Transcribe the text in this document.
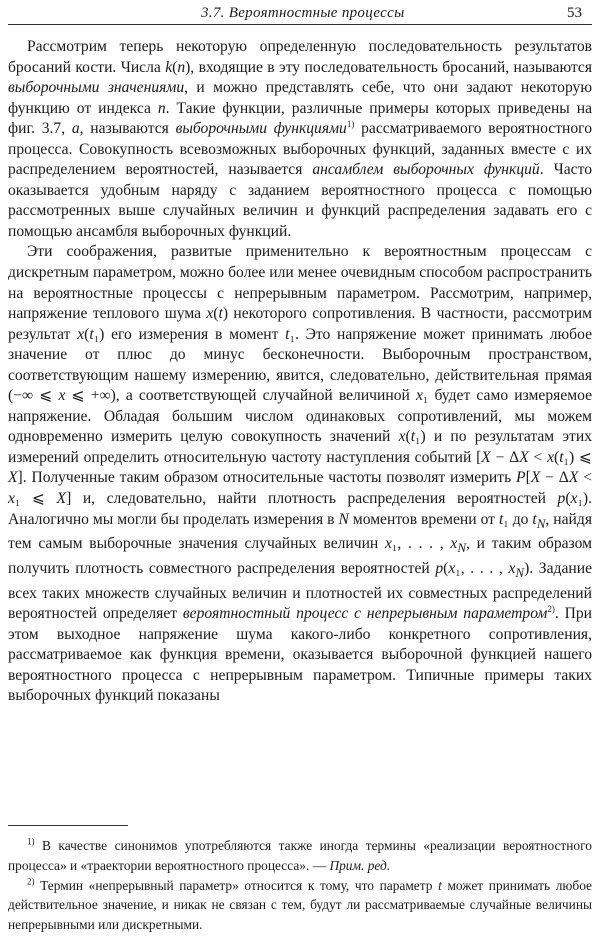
3.7. Вероятностные процессы	53

Рассмотрим теперь некоторую определенную последовательность результатов бросаний кости. Числа k(n), входящие в эту последовательность бросаний, называются выборочными значениями, и можно представлять себе, что они задают некоторую функцию от индекса n. Такие функции, различные примеры которых приведены на фиг. 3.7, a, называются выборочными функциями$^{1)}$ рассматриваемого вероятностного процесса. Совокупность всевозможных выборочных функций, заданных вместе с их распределением вероятностей, называется ансамблем выборочных функций. Часто оказывается удобным наряду с заданием вероятностного процесса с помощью рассмотренных выше случайных величин и функций распределения задавать его с помощью ансамбля выборочных функций.

Эти соображения, развитые применительно к вероятностным процессам с дискретным параметром, можно более или менее очевидным способом распространить на вероятностные процессы с непрерывным параметром. Рассмотрим, например, напряжение теплового шума x(t) некоторого сопротивления. В частности, рассмотрим результат x(t₁) его измерения в момент t₁. Это напряжение может принимать любое значение от плюс до минус бесконечности. Выборочным пространством, соответствующим нашему измерению, явится, следовательно, действительная прямая (−∞ ⩽ x ⩽ +∞), а соответствующей случайной величиной x₁ будет само измеряемое напряжение. Обладая большим числом одинаковых сопротивлений, мы можем одновременно измерить целую совокупность значений x(t₁) и по результатам этих измерений определить относительную частоту наступления событий [X − ΔX < x(t₁) ⩽ X]. Полученные таким образом относительные частоты позволят измерить P[X − ΔX < x₁ ⩽ X] и, следовательно, найти плотность распределения вероятностей p(x₁). Аналогично мы могли бы проделать измерения в N моментов времени от t₁ до $t_N$, найдя тем самым выборочные значения случайных величин x₁, . . . , $x_N$, и таким образом получить плотность совместного распределения вероятностей p(x₁, . . . , $x_N$). Задание всех таких множеств случайных величин и плотностей их совместных распределений вероятностей определяет вероятностный процесс с непрерывным параметром$^{2)}$. При этом выходное напряжение шума какого-либо конкретного сопротивления, рассматриваемое как функция времени, оказывается выборочной функцией нашего вероятностного процесса с непрерывным параметром. Типичные примеры таких выборочных функций показаны

$^{1)}$ В качестве синонимов употребляются также иногда термины «реализации вероятностного процесса» и «траектории вероятностного процесса». — Прим. ред.

$^{2)}$ Термин «непрерывный параметр» относится к тому, что параметр t может принимать любое действительное значение, и никак не связан с тем, будут ли рассматриваемые случайные величины непрерывными или дискретными.
